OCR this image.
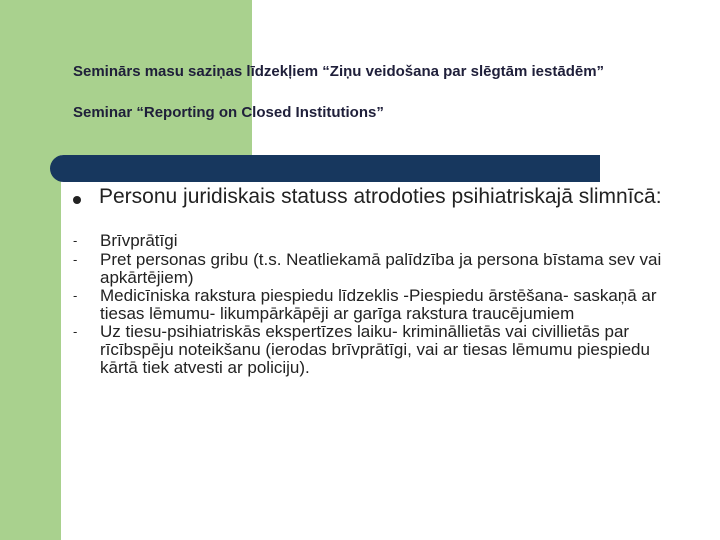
Seminārs masu saziņas līdzekļiem “Ziņu veidošana par slēgtām iestādēm”
Seminar “Reporting on Closed Institutions”
Personu juridiskais statuss atrodoties psihiatriskajā slimnīcā:
-	Brīvprātīgi
-	Pret personas gribu (t.s. Neatliekamā palīdzība ja persona bīstama sev vai apkārtējiem)
-	Medicīniska rakstura piespiedu līdzeklis -Piespiedu ārstēšana- saskaņā ar tiesas lēmumu- likumpārkāpēji ar garīga rakstura traucējumiem
-	Uz tiesu-psihiatriskās ekspertīzes laiku- krimināllietās vai civillietās par rīcībspēju noteikšanu (ierodas brīvprātīgi, vai ar tiesas lēmumu piespiedu kārtā tiek atvesti ar policiju).
